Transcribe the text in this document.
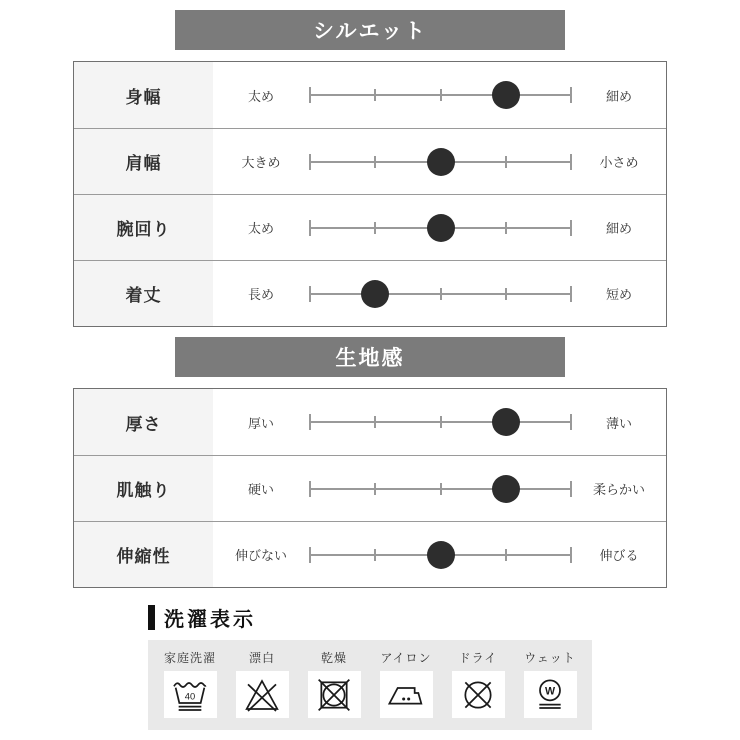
シルエット
身幅	太め	細め
肩幅	大きめ	小さめ
腕回り	太め	細め
着丈	長め	短め
生地感
厚さ	厚い	薄い
肌触り	硬い	柔らかい
伸縮性	伸びない	伸びる
洗濯表示
家庭洗濯
40
漂白	乾燥	アイロン ドライ ウェット
W
